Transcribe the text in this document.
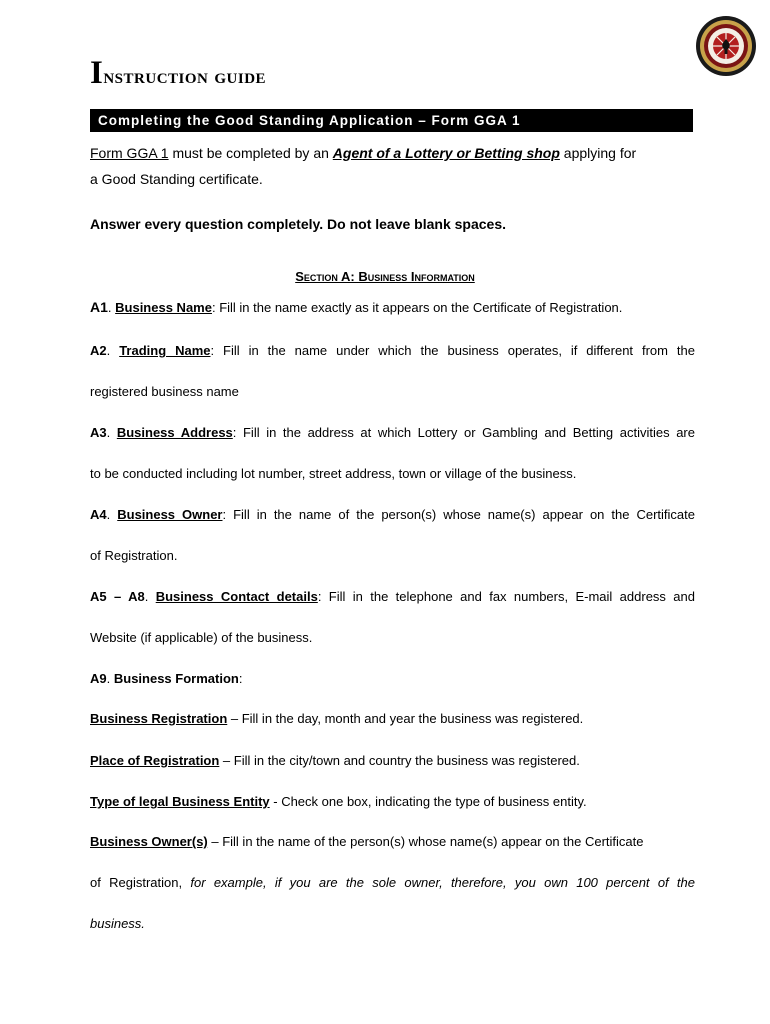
Instruction guide
Completing the Good Standing Application – Form GGA 1
Form GGA 1 must be completed by an Agent of a Lottery or Betting shop applying for
a Good Standing certificate.
Answer every question completely. Do not leave blank spaces.
Section A: Business Information
A1. Business Name: Fill in the name exactly as it appears on the Certificate of Registration.
A2. Trading Name: Fill in the name under which the business operates, if different from the
registered business name
A3. Business Address: Fill in the address at which Lottery or Gambling and Betting activities are
to be conducted including lot number, street address, town or village of the business.
A4. Business Owner: Fill in the name of the person(s) whose name(s) appear on the Certificate
of Registration.
A5 – A8. Business Contact details: Fill in the telephone and fax numbers, E-mail address and
Website (if applicable) of the business.
A9. Business Formation:
Business Registration – Fill in the day, month and year the business was registered.
Place of Registration – Fill in the city/town and country the business was registered.
Type of legal Business Entity - Check one box, indicating the type of business entity.
Business Owner(s) – Fill in the name of the person(s) whose name(s) appear on the Certificate
of Registration, for example, if you are the sole owner, therefore, you own 100 percent of the
business.
